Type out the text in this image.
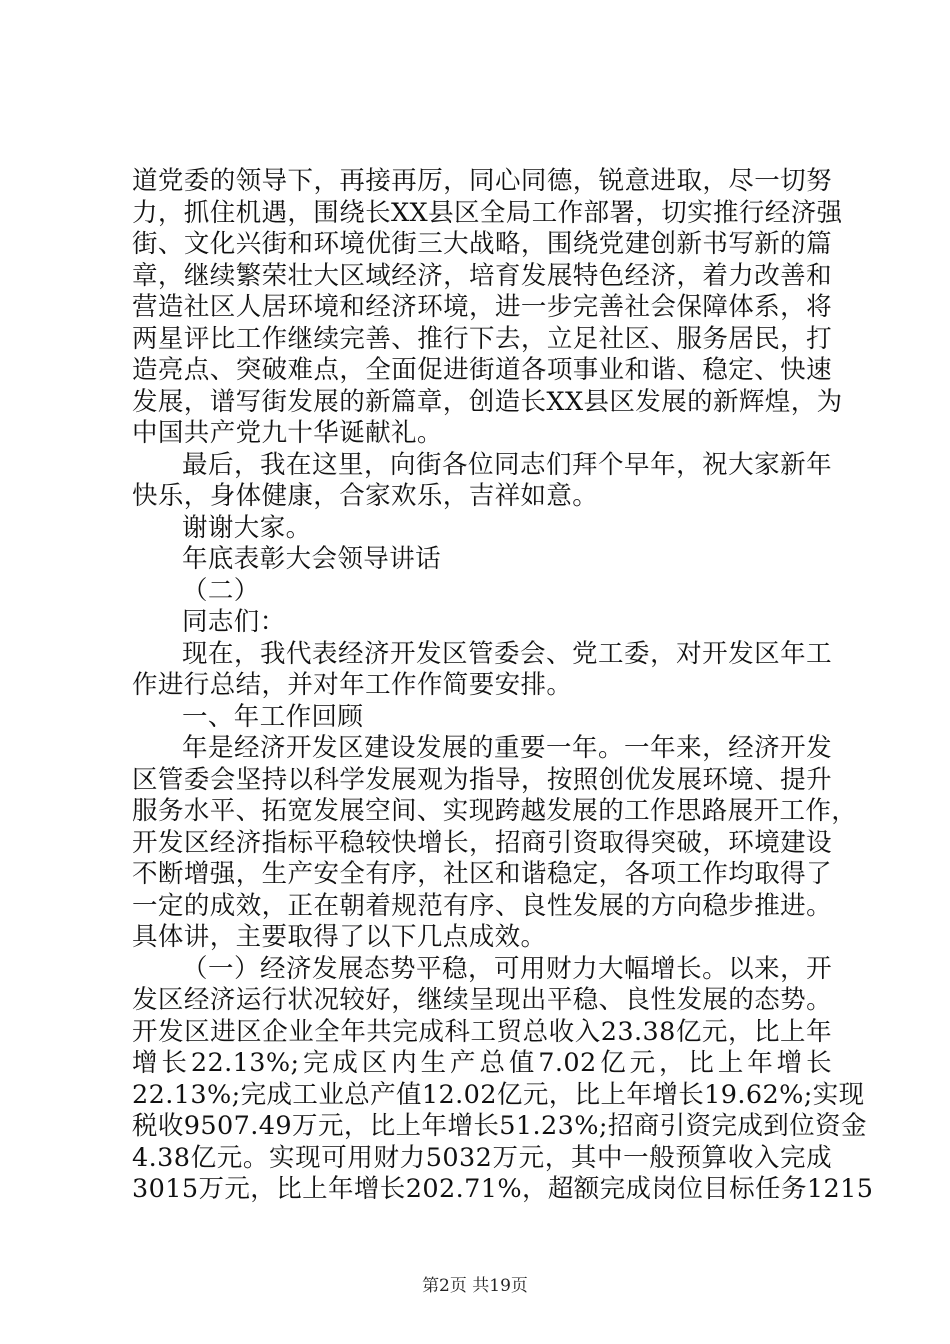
道党委的领导下，再接再厉，同心同德，锐意进取，尽一切努
力，抓住机遇，围绕长XX县区全局工作部署，切实推行经济强
街、文化兴街和环境优街三大战略，围绕党建创新书写新的篇
章，继续繁荣壮大区域经济，培育发展特色经济，着力改善和
营造社区人居环境和经济环境，进一步完善社会保障体系，将
两星评比工作继续完善、推行下去，立足社区、服务居民，打
造亮点、突破难点，全面促进街道各项事业和谐、稳定、快速
发展，谱写街发展的新篇章，创造长XX县区发展的新辉煌，为
中国共产党九十华诞献礼。
最后，我在这里，向街各位同志们拜个早年，祝大家新年
快乐，身体健康，合家欢乐，吉祥如意。
谢谢大家。
年底表彰大会领导讲话
（二）
同志们：
现在，我代表经济开发区管委会、党工委，对开发区年工
作进行总结，并对年工作作简要安排。
一、年工作回顾
年是经济开发区建设发展的重要一年。一年来，经济开发
区管委会坚持以科学发展观为指导，按照创优发展环境、提升
服务水平、拓宽发展空间、实现跨越发展的工作思路展开工作，
开发区经济指标平稳较快增长，招商引资取得突破，环境建设
不断增强，生产安全有序，社区和谐稳定，各项工作均取得了
一定的成效，正在朝着规范有序、良性发展的方向稳步推进。
具体讲，主要取得了以下几点成效。
（一）经济发展态势平稳，可用财力大幅增长。以来，开
发区经济运行状况较好，继续呈现出平稳、良性发展的态势。
开发区进区企业全年共完成科工贸总收入23.38亿元，比上年
增长22.13%;完成区内生产总值7.02亿元，比上年增长
22.13%;完成工业总产值12.02亿元，比上年增长19.62%;实现
税收9507.49万元，比上年增长51.23%;招商引资完成到位资金
4.38亿元。实现可用财力5032万元，其中一般预算收入完成
3015万元，比上年增长202.71%，超额完成岗位目标任务1215
第2页 共19页
